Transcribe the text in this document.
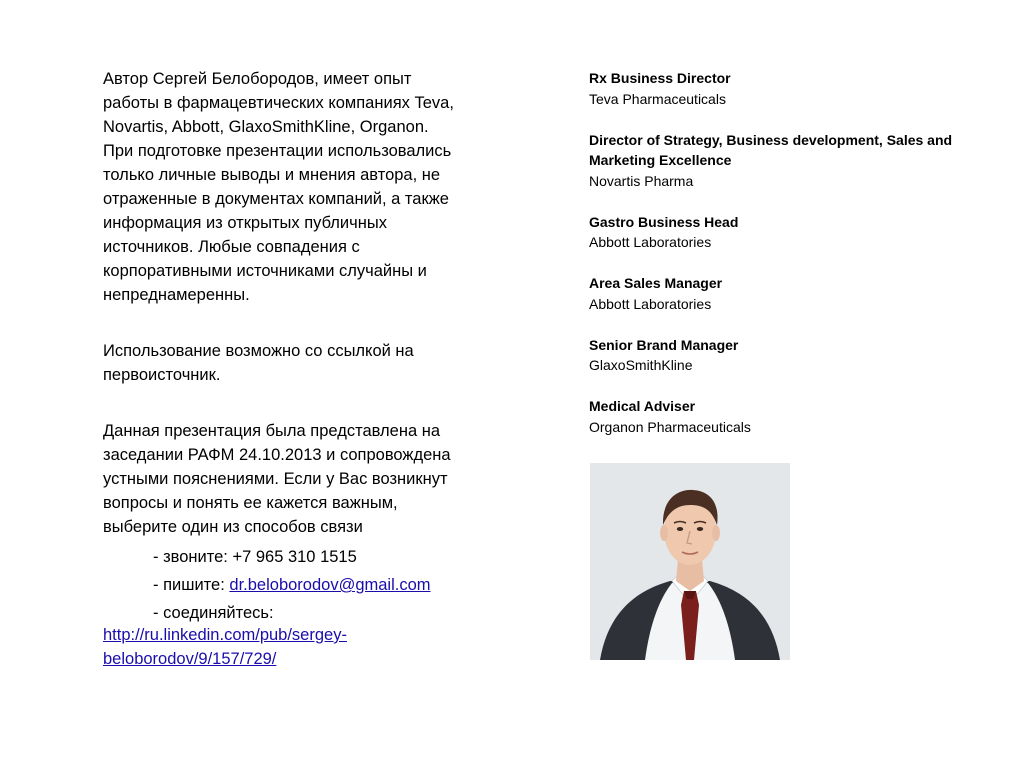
Автор Сергей Белобородов, имеет опыт

работы в фармацевтических компаниях Teva,

Novartis, Abbott, GlaxoSmithKline, Organon.

При подготовке презентации использовались

только личные выводы и мнения автора, не

отраженные в документах компаний, а также

информация из открытых публичных

источников. Любые совпадения с

корпоративными источниками случайны и

непреднамеренны.

Использование возможно со ссылкой на

первоисточник.

Данная презентация была представлена на

заседании РАФМ 24.10.2013 и сопровождена

устными пояснениями. Если у Вас возникнут

вопросы и понять ее кажется важным,

выберите один из способов связи

- звоните: +7 965 310 1515

- пишите: dr.beloborodov@gmail.com

- соединяйтесь:

http://ru.linkedin.com/pub/sergey-
beloborodov/9/157/729/

Rx Business Director
Teva Pharmaceuticals
Director of Strategy, Business development, Sales and Marketing Excellence
Novartis Pharma
Gastro Business Head
Abbott Laboratories
Area Sales Manager
Abbott Laboratories
Senior Brand Manager
GlaxoSmithKline
Medical Adviser
Organon Pharmaceuticals
